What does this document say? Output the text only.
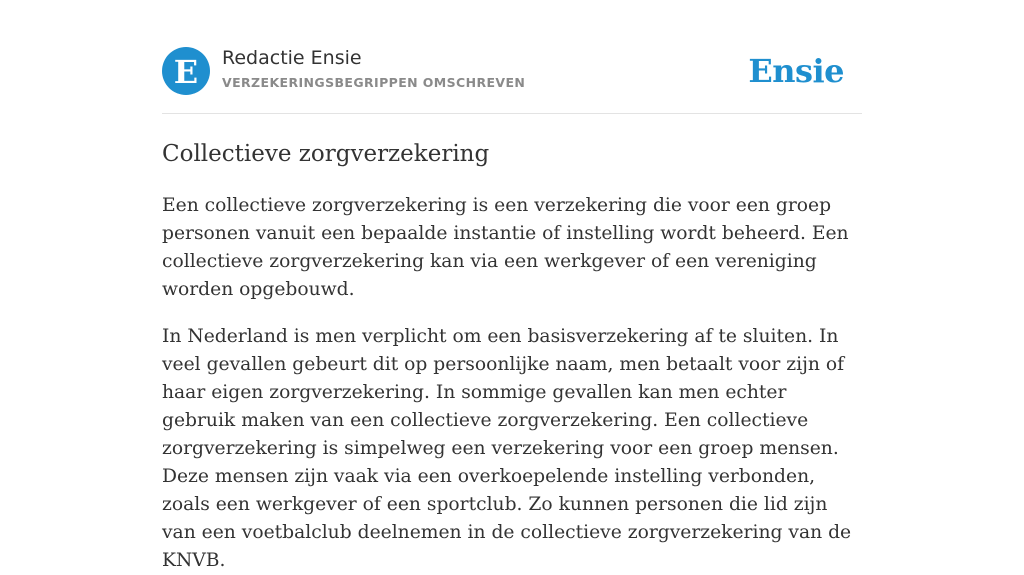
E Redactie Ensie
VERZEKERINGSBEGRIPPEN OMSCHREVEN	Ensie
Collectieve zorgverzekering

Een collectieve zorgverzekering is een verzekering die voor een groep personen vanuit een bepaalde instantie of instelling wordt beheerd. Een collectieve zorgverzekering kan via een werkgever of een vereniging worden opgebouwd.

In Nederland is men verplicht om een basisverzekering af te sluiten. In veel gevallen gebeurt dit op persoonlijke naam, men betaalt voor zijn of haar eigen zorgverzekering. In sommige gevallen kan men echter gebruik maken van een collectieve zorgverzekering. Een collectieve zorgverzekering is simpelweg een verzekering voor een groep mensen. Deze mensen zijn vaak via een overkoepelende instelling verbonden, zoals een werkgever of een sportclub. Zo kunnen personen die lid zijn van een voetbalclub deelnemen in de collectieve zorgverzekering van de KNVB.
